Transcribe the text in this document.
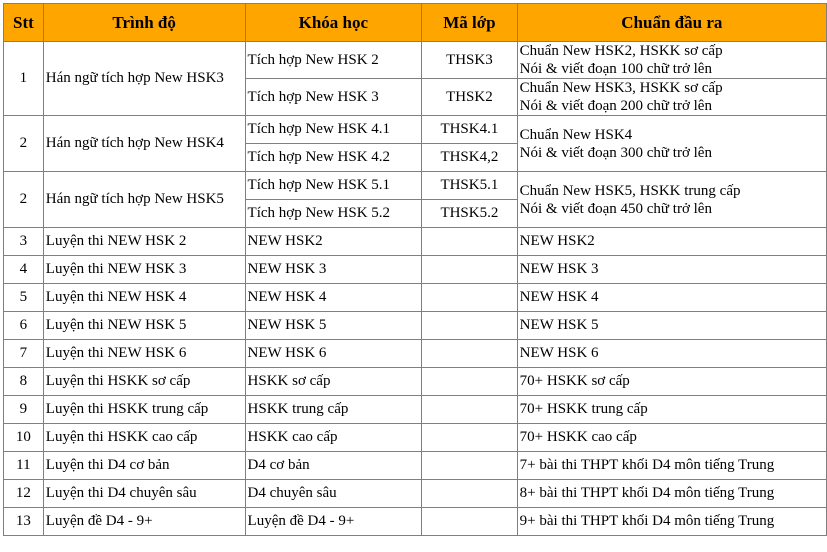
Stt	Trình độ	Khóa học	Mã lớp	Chuẩn đầu ra
1	Hán ngữ tích hợp New HSK3	Tích hợp New HSK 2	THSK3	Chuẩn New HSK2, HSKK sơ cấp
Nói & viết đoạn 100 chữ trở lên

		Tích hợp New HSK 3	THSK2	Chuẩn New HSK3, HSKK sơ cấp
Nói & viết đoạn 200 chữ trở lên

2	Hán ngữ tích hợp New HSK4	Tích hợp New HSK 4.1	THSK4.1	Chuẩn New HSK4
Nói & viết đoạn 300 chữ trở lên

		Tích hợp New HSK 4.2	THSK4,2	
2	Hán ngữ tích hợp New HSK5	Tích hợp New HSK 5.1	THSK5.1	Chuẩn New HSK5, HSKK trung cấp
Nói & viết đoạn 450 chữ trở lên

		Tích hợp New HSK 5.2	THSK5.2	
3	Luyện thi NEW HSK 2	NEW HSK2		NEW HSK2
4	Luyện thi NEW HSK 3	NEW HSK 3		NEW HSK 3
5	Luyện thi NEW HSK 4	NEW HSK 4		NEW HSK 4
6	Luyện thi NEW HSK 5	NEW HSK 5		NEW HSK 5
7	Luyện thi NEW HSK 6	NEW HSK 6		NEW HSK 6
8	Luyện thi HSKK sơ cấp	HSKK sơ cấp		70+ HSKK sơ cấp
9	Luyện thi HSKK trung cấp	HSKK trung cấp		70+ HSKK trung cấp
10	Luyện thi HSKK cao cấp	HSKK cao cấp		70+ HSKK cao cấp
11	Luyện thi D4 cơ bản	D4 cơ bản		7+ bài thi THPT khối D4 môn tiếng Trung
12	Luyện thi D4 chuyên sâu	D4 chuyên sâu		8+ bài thi THPT khối D4 môn tiếng Trung
13	Luyện đề D4 - 9+	Luyện đề D4 - 9+		9+ bài thi THPT khối D4 môn tiếng Trung
